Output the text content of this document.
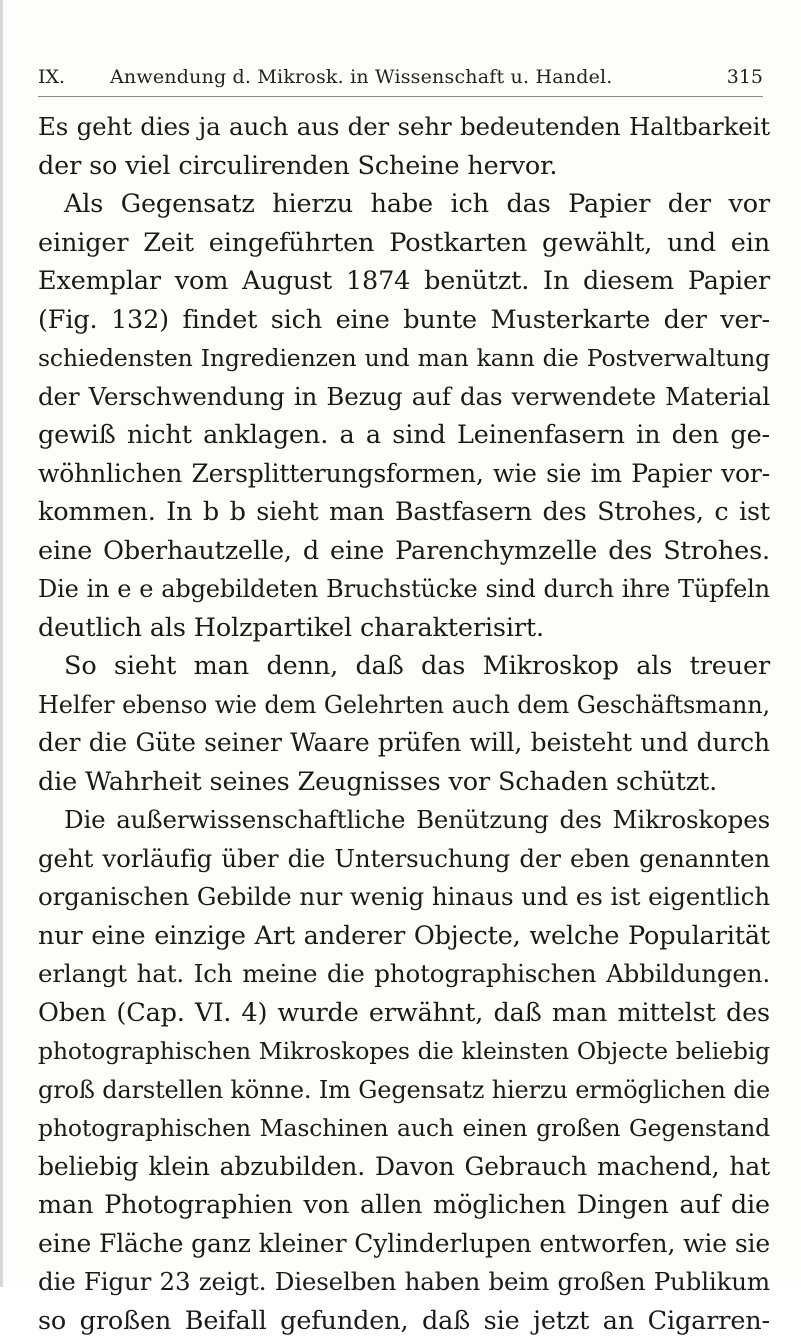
IX. Anwendung d. Mikrosk. in Wissenschaft u. Handel.	315
Es geht dies ja auch aus der sehr bedeutenden Haltbarkeit
der so viel circulirenden Scheine hervor.
Als Gegensatz hierzu habe ich das Papier der vor
einiger Zeit eingeführten Postkarten gewählt, und ein
Exemplar vom August 1874 benützt. In diesem Papier
(Fig. 132) findet sich eine bunte Musterkarte der ver-
schiedensten Ingredienzen und man kann die Postverwaltung
der Verschwendung in Bezug auf das verwendete Material
gewiß nicht anklagen. a a sind Leinenfasern in den ge-
wöhnlichen Zersplitterungsformen, wie sie im Papier vor-
kommen. In b b sieht man Bastfasern des Strohes, c ist
eine Oberhautzelle, d eine Parenchymzelle des Strohes.
Die in e e abgebildeten Bruchstücke sind durch ihre Tüpfeln
deutlich als Holzpartikel charakterisirt.
So sieht man denn, daß das Mikroskop als treuer
Helfer ebenso wie dem Gelehrten auch dem Geschäftsmann,
der die Güte seiner Waare prüfen will, beisteht und durch
die Wahrheit seines Zeugnisses vor Schaden schützt.
Die außerwissenschaftliche Benützung des Mikroskopes
geht vorläufig über die Untersuchung der eben genannten
organischen Gebilde nur wenig hinaus und es ist eigentlich
nur eine einzige Art anderer Objecte, welche Popularität
erlangt hat. Ich meine die photographischen Abbildungen.
Oben (Cap. VI. 4) wurde erwähnt, daß man mittelst des
photographischen Mikroskopes die kleinsten Objecte beliebig
groß darstellen könne. Im Gegensatz hierzu ermöglichen die
photographischen Maschinen auch einen großen Gegenstand
beliebig klein abzubilden. Davon Gebrauch machend, hat
man Photographien von allen möglichen Dingen auf die
eine Fläche ganz kleiner Cylinderlupen entworfen, wie sie
die Figur 23 zeigt. Dieselben haben beim großen Publikum
so großen Beifall gefunden, daß sie jetzt an Cigarren-
